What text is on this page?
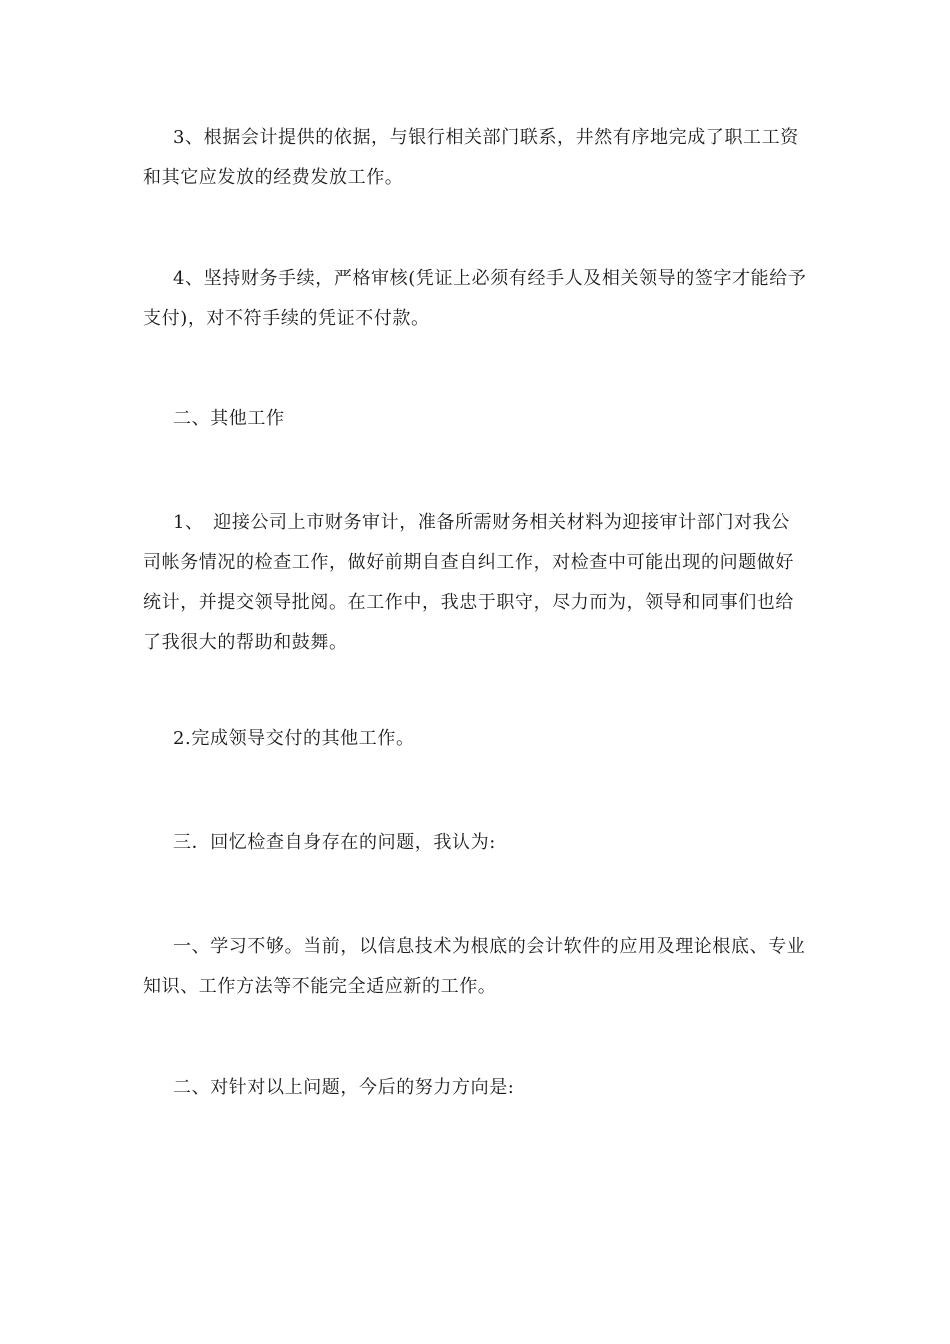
3、根据会计提供的依据，与银行相关部门联系，井然有序地完成了职工工资和其它应发放的经费发放工作。

4、坚持财务手续，严格审核(凭证上必须有经手人及相关领导的签字才能给予支付)，对不符手续的凭证不付款。

二、其他工作

1、　迎接公司上市财务审计，准备所需财务相关材料为迎接审计部门对我公司帐务情况的检查工作，做好前期自查自纠工作，对检查中可能出现的问题做好统计，并提交领导批阅。在工作中，我忠于职守，尽力而为，领导和同事们也给了我很大的帮助和鼓舞。

2.完成领导交付的其他工作。

三．回忆检查自身存在的问题，我认为:

一、学习不够。当前，以信息技术为根底的会计软件的应用及理论根底、专业知识、工作方法等不能完全适应新的工作。

二、对针对以上问题，今后的努力方向是:
